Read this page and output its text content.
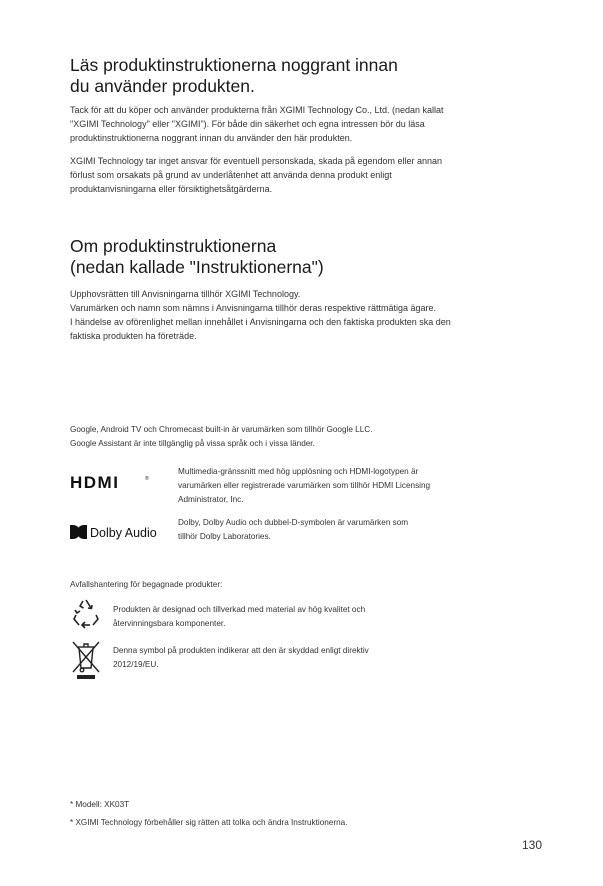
Läs produktinstruktionerna noggrant innan
du använder produkten.
Tack för att du köper och använder produkterna från XGIMI Technology Co., Ltd. (nedan kallat
"XGIMI Technology" eller "XGIMI"). För både din säkerhet och egna intressen bör du läsa
produktinstruktionerna noggrant innan du använder den här produkten.
XGIMI Technology tar inget ansvar för eventuell personskada, skada på egendom eller annan
förlust som orsakats på grund av underlåtenhet att använda denna produkt enligt
produktanvisningarna eller försiktighetsåtgärderna.
Om produktinstruktionerna
(nedan kallade "Instruktionerna")
Upphovsrätten till Anvisningarna tillhör XGIMI Technology.
Varumärken och namn som nämns i Anvisningarna tillhör deras respektive rättmätiga ägare.
I händelse av oförenlighet mellan innehållet i Anvisningarna och den faktiska produkten ska den
faktiska produkten ha företräde.
Google, Android TV och Chromecast built-in är varumärken som tillhör Google LLC.
Google Assistant är inte tillgänglig på vissa språk och i vissa länder.
HDMI	®
Multimedia-gränssnitt med hög upplösning och HDMI-logotypen är
varumärken eller registrerade varumärken som tillhör HDMI Licensing
Administrator, Inc.
Dolby Audio
Dolby, Dolby Audio och dubbel-D-symbolen är varumärken som
tillhör Dolby Laboratories.
Avfallshantering för begagnade produkter:
Produkten är designad och tillverkad med material av hög kvalitet och
återvinningsbara komponenter.
Denna symbol på produkten indikerar att den är skyddad enligt direktiv
2012/19/EU.
* Modell: XK03T
* XGIMI Technology förbehåller sig rätten att tolka och ändra Instruktionerna.
130
